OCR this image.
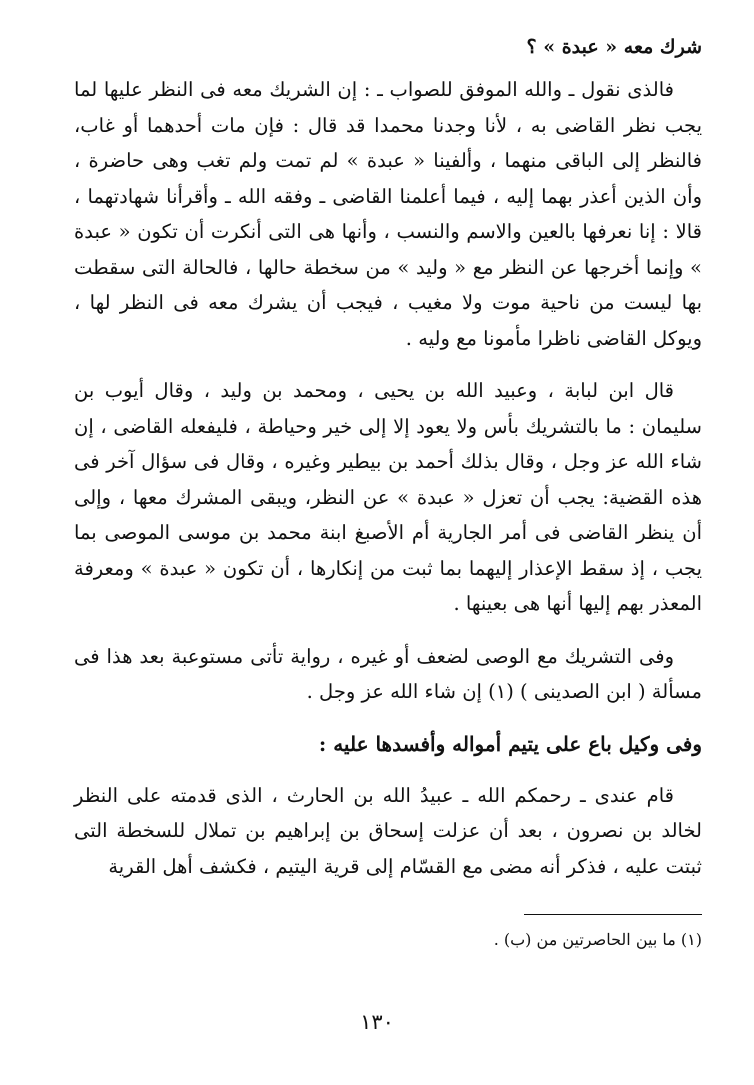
شرك معه « عبدة » ؟

فالذى نقول ـ والله الموفق للصواب ـ : إن الشريك معه فى النظر عليها لما يجب نظر القاضى به ، لأنا وجدنا محمدا قد قال : فإن مات أحدهما أو غاب، فالنظر إلى الباقى منهما ، وألفينا « عبدة » لم تمت ولم تغب وهى حاضرة ، وأن الذين أعذر بهما إليه ، فيما أعلمنا القاضى ـ وفقه الله ـ وأقرأنا شهادتهما ، قالا : إنا نعرفها بالعين والاسم والنسب ، وأنها هى التى أنكرت أن تكون « عبدة » وإنما أخرجها عن النظر مع « وليد » من سخطة حالها ، فالحالة التى سقطت بها ليست من ناحية موت ولا مغيب ، فيجب أن يشرك معه فى النظر لها ، ويوكل القاضى ناظرا مأمونا مع وليه .

قال ابن لبابة ، وعبيد الله بن يحيى ، ومحمد بن وليد ، وقال أيوب بن سليمان : ما بالتشريك بأس ولا يعود إلا إلى خير وحياطة ، فليفعله القاضى ، إن شاء الله عز وجل ، وقال بذلك أحمد بن بيطير وغيره ، وقال فى سؤال آخر فى هذه القضية: يجب أن تعزل « عبدة » عن النظر، ويبقى المشرك معها ، وإلى أن ينظر القاضى فى أمر الجارية أم الأصبغ ابنة محمد بن موسى الموصى بما يجب ، إذ سقط الإعذار إليهما بما ثبت من إنكارها ، أن تكون « عبدة » ومعرفة المعذر بهم إليها أنها هى بعينها .

وفى التشريك مع الوصى لضعف أو غيره ، رواية تأتى مستوعبة بعد هذا فى مسألة ( ابن الصدينى ) (١) إن شاء الله عز وجل .

وفى وكيل باع على يتيم أمواله وأفسدها عليه :

قام عندى ـ رحمكم الله ـ عبيدُ الله بن الحارث ، الذى قدمته على النظر لخالد بن نصرون ، بعد أن عزلت إسحاق بن إبراهيم بن تملال للسخطة التى ثبتت عليه ، فذكر أنه مضى مع القسّام إلى قرية اليتيم ، فكشف أهل القرية

(١) ما بين الحاصرتين من (ب) .
١٣٠
